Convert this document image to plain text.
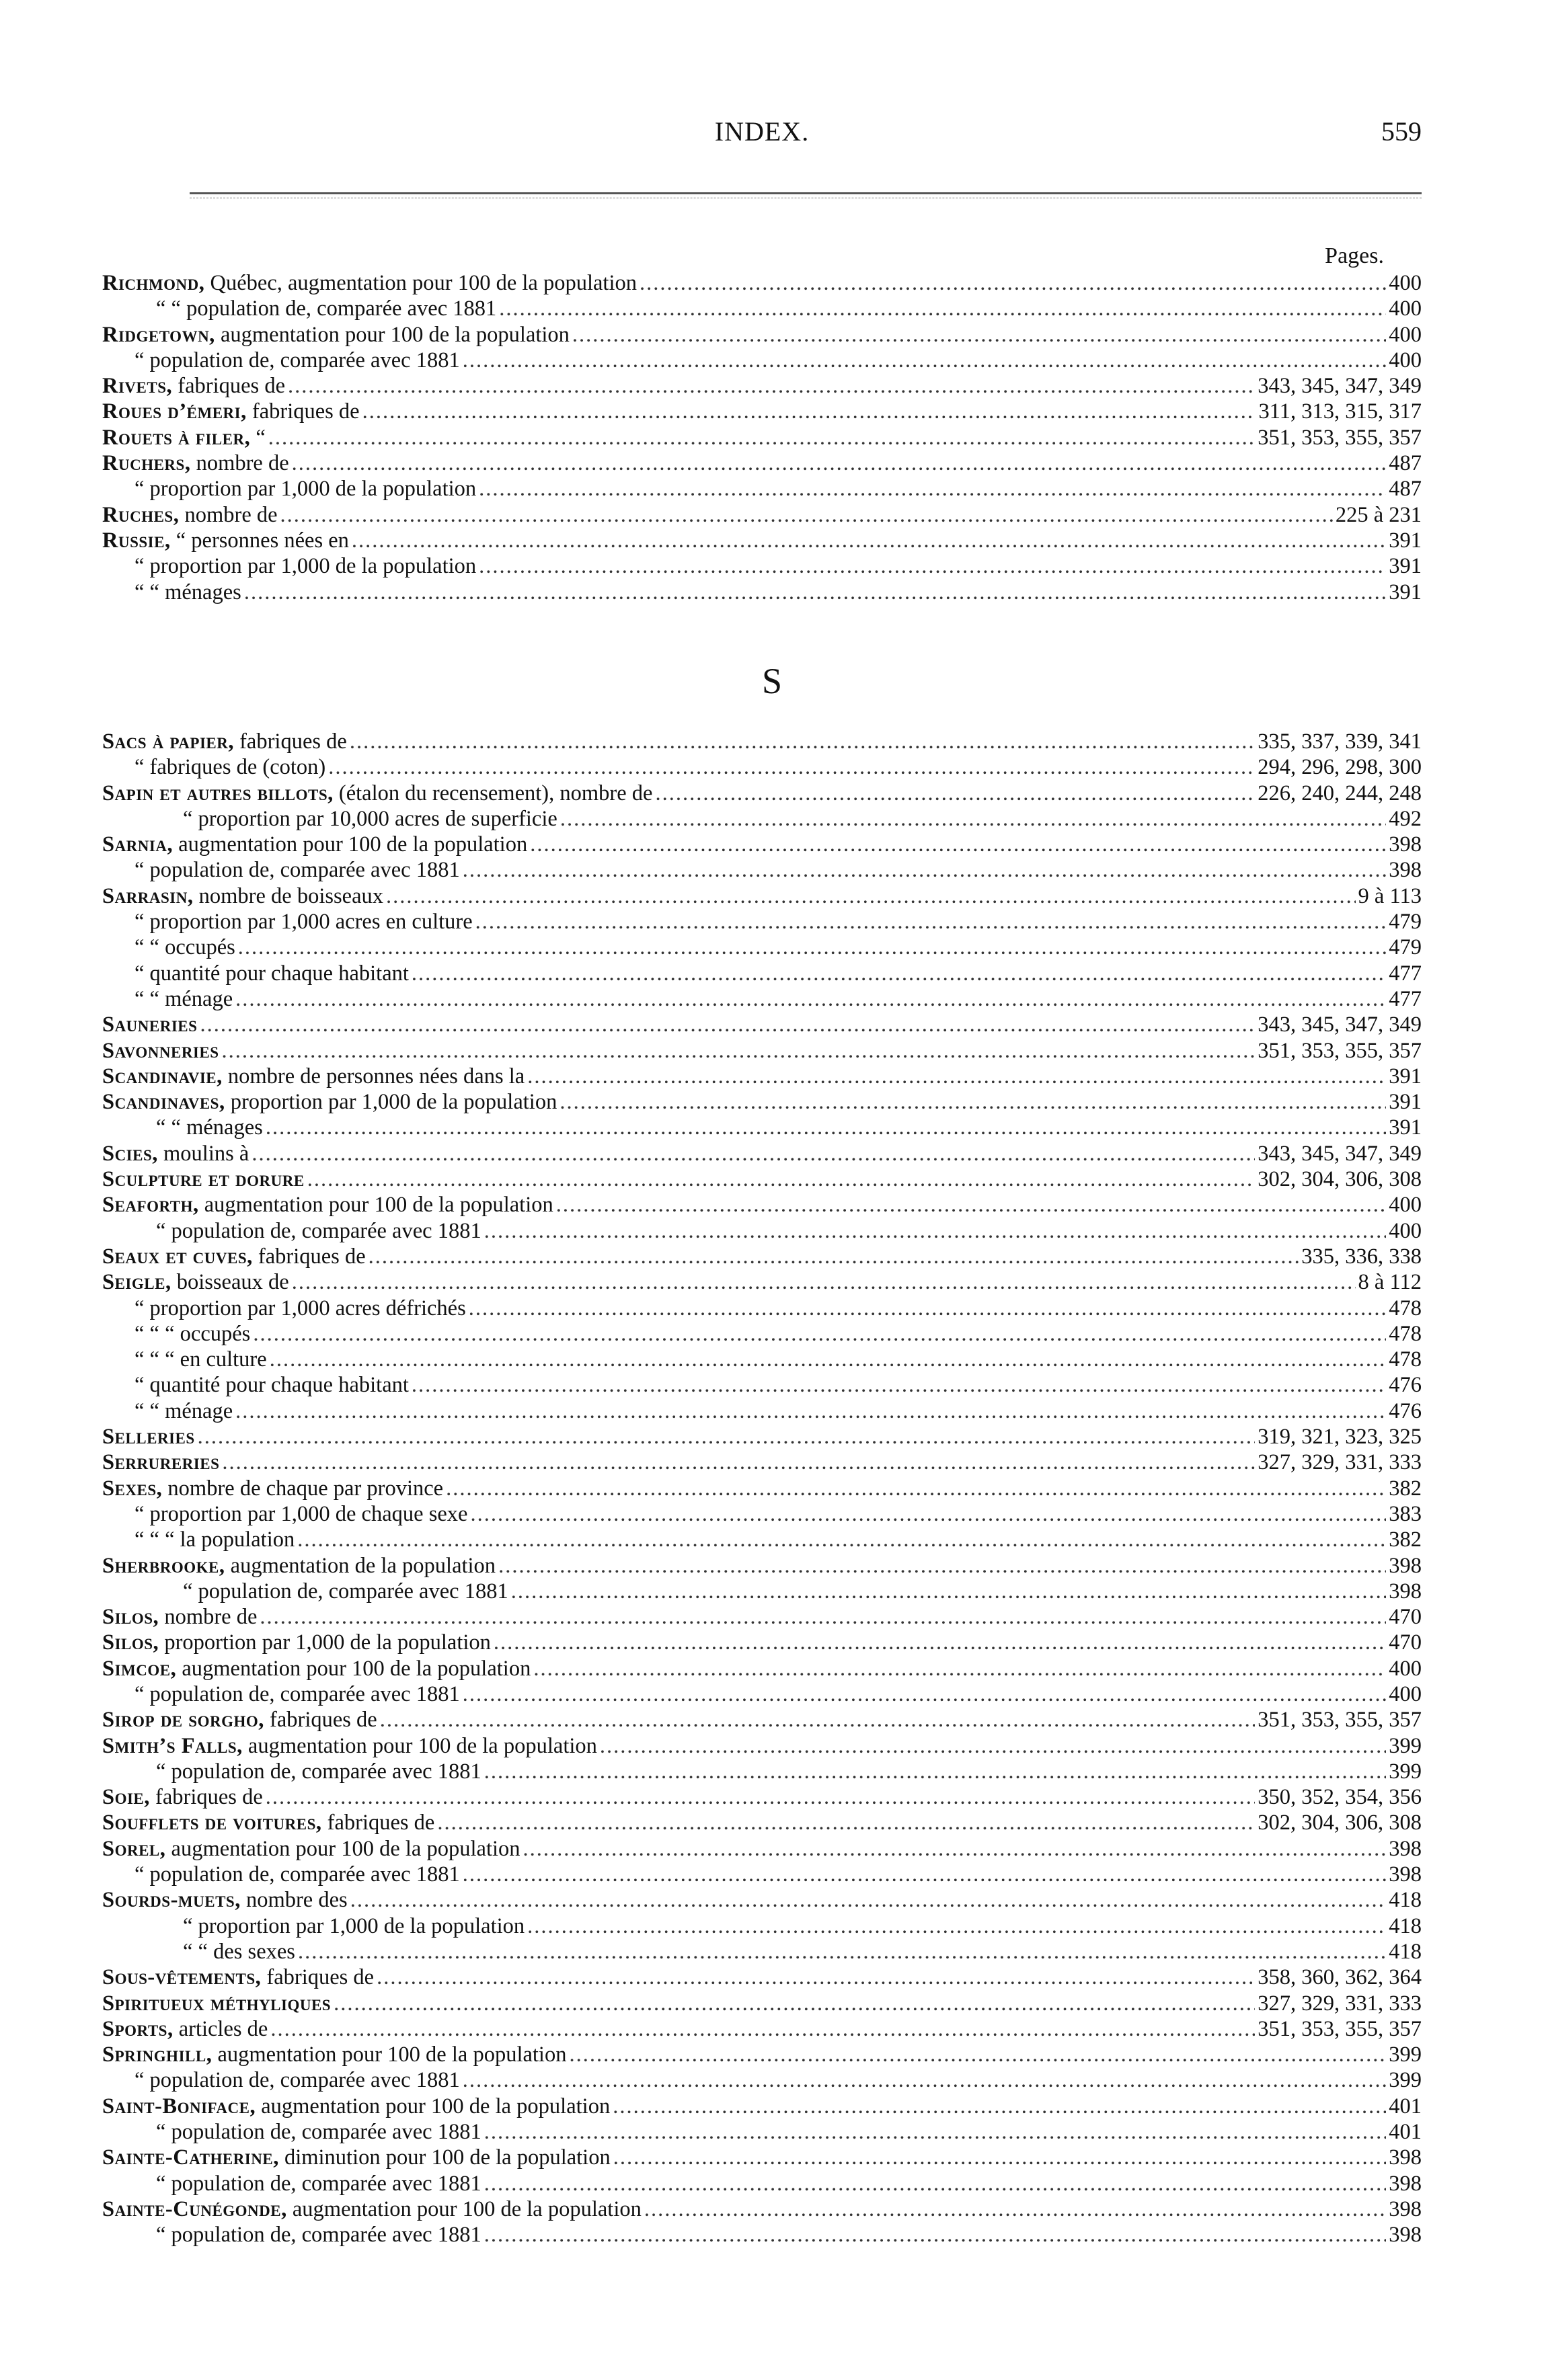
INDEX.	559
Pages.
Richmond, Québec, augmentation pour 100 de la population .....	400
“ “ population de, comparée avec 1881 .....	400
Ridgetown, augmentation pour 100 de la population .....	400
“ population de, comparée avec 1881 .....	400
Rivets, fabriques de .....	343, 345, 347, 349
Roues d’émeri, fabriques de .....	311, 313, 315, 317
Rouets à filer, “ .....	351, 353, 355, 357
Ruchers, nombre de .....	487
“ proportion par 1,000 de la population .....	487
Ruches, nombre de .....	225 à 231
Russie, “ personnes nées en .....	391
“ proportion par 1,000 de la population .....	391
“ “ ménages .....	391
S
Sacs à papier, fabriques de .....	335, 337, 339, 341
“ fabriques de (coton) .....	294, 296, 298, 300
Sapin et autres billots, (étalon du recensement), nombre de .....	226, 240, 244, 248
“ proportion par 10,000 acres de superficie .....	492
Sarnia, augmentation pour 100 de la population .....	398
“ population de, comparée avec 1881 .....	398
Sarrasin, nombre de boisseaux .....	9 à 113
“ proportion par 1,000 acres en culture .....	479
“ “ occupés .....	479
“ quantité pour chaque habitant .....	477
“ “ ménage .....	477
Sauneries .....	343, 345, 347, 349
Savonneries .....	351, 353, 355, 357
Scandinavie, nombre de personnes nées dans la .....	391
Scandinaves, proportion par 1,000 de la population .....	391
“ “ ménages .....	391
Scies, moulins à .....	343, 345, 347, 349
Sculpture et dorure .....	302, 304, 306, 308
Seaforth, augmentation pour 100 de la population .....	400
“ population de, comparée avec 1881 .....	400
Seaux et cuves, fabriques de .....	335, 336, 338
Seigle, boisseaux de .....	8 à 112
“ proportion par 1,000 acres défrichés .....	478
“ “ “ occupés .....	478
“ “ “ en culture .....	478
“ quantité pour chaque habitant .....	476
“ “ ménage .....	476
Selleries .....	319, 321, 323, 325
Serrureries .....	327, 329, 331, 333
Sexes, nombre de chaque par province .....	382
“ proportion par 1,000 de chaque sexe .....	383
“ “ “ la population .....	382
Sherbrooke, augmentation de la population .....	398
“ population de, comparée avec 1881 .....	398
Silos, nombre de .....	470
Silos, proportion par 1,000 de la population .....	470
Simcoe, augmentation pour 100 de la population .....	400
“ population de, comparée avec 1881 .....	400
Sirop de sorgho, fabriques de .....	351, 353, 355, 357
Smith’s Falls, augmentation pour 100 de la population .....	399
“ population de, comparée avec 1881 .....	399
Soie, fabriques de .....	350, 352, 354, 356
Soufflets de voitures, fabriques de .....	302, 304, 306, 308
Sorel, augmentation pour 100 de la population .....	398
“ population de, comparée avec 1881 .....	398
Sourds-muets, nombre des .....	418
“ proportion par 1,000 de la population .....	418
“ “ des sexes .....	418
Sous-vêtements, fabriques de .....	358, 360, 362, 364
Spiritueux méthyliques .....	327, 329, 331, 333
Sports, articles de .....	351, 353, 355, 357
Springhill, augmentation pour 100 de la population .....	399
“ population de, comparée avec 1881 .....	399
Saint-Boniface, augmentation pour 100 de la population .....	401
“ population de, comparée avec 1881 .....	401
Sainte-Catherine, diminution pour 100 de la population .....	398
“ population de, comparée avec 1881 .....	398
Sainte-Cunégonde, augmentation pour 100 de la population .....	398
“ population de, comparée avec 1881 .....	398
